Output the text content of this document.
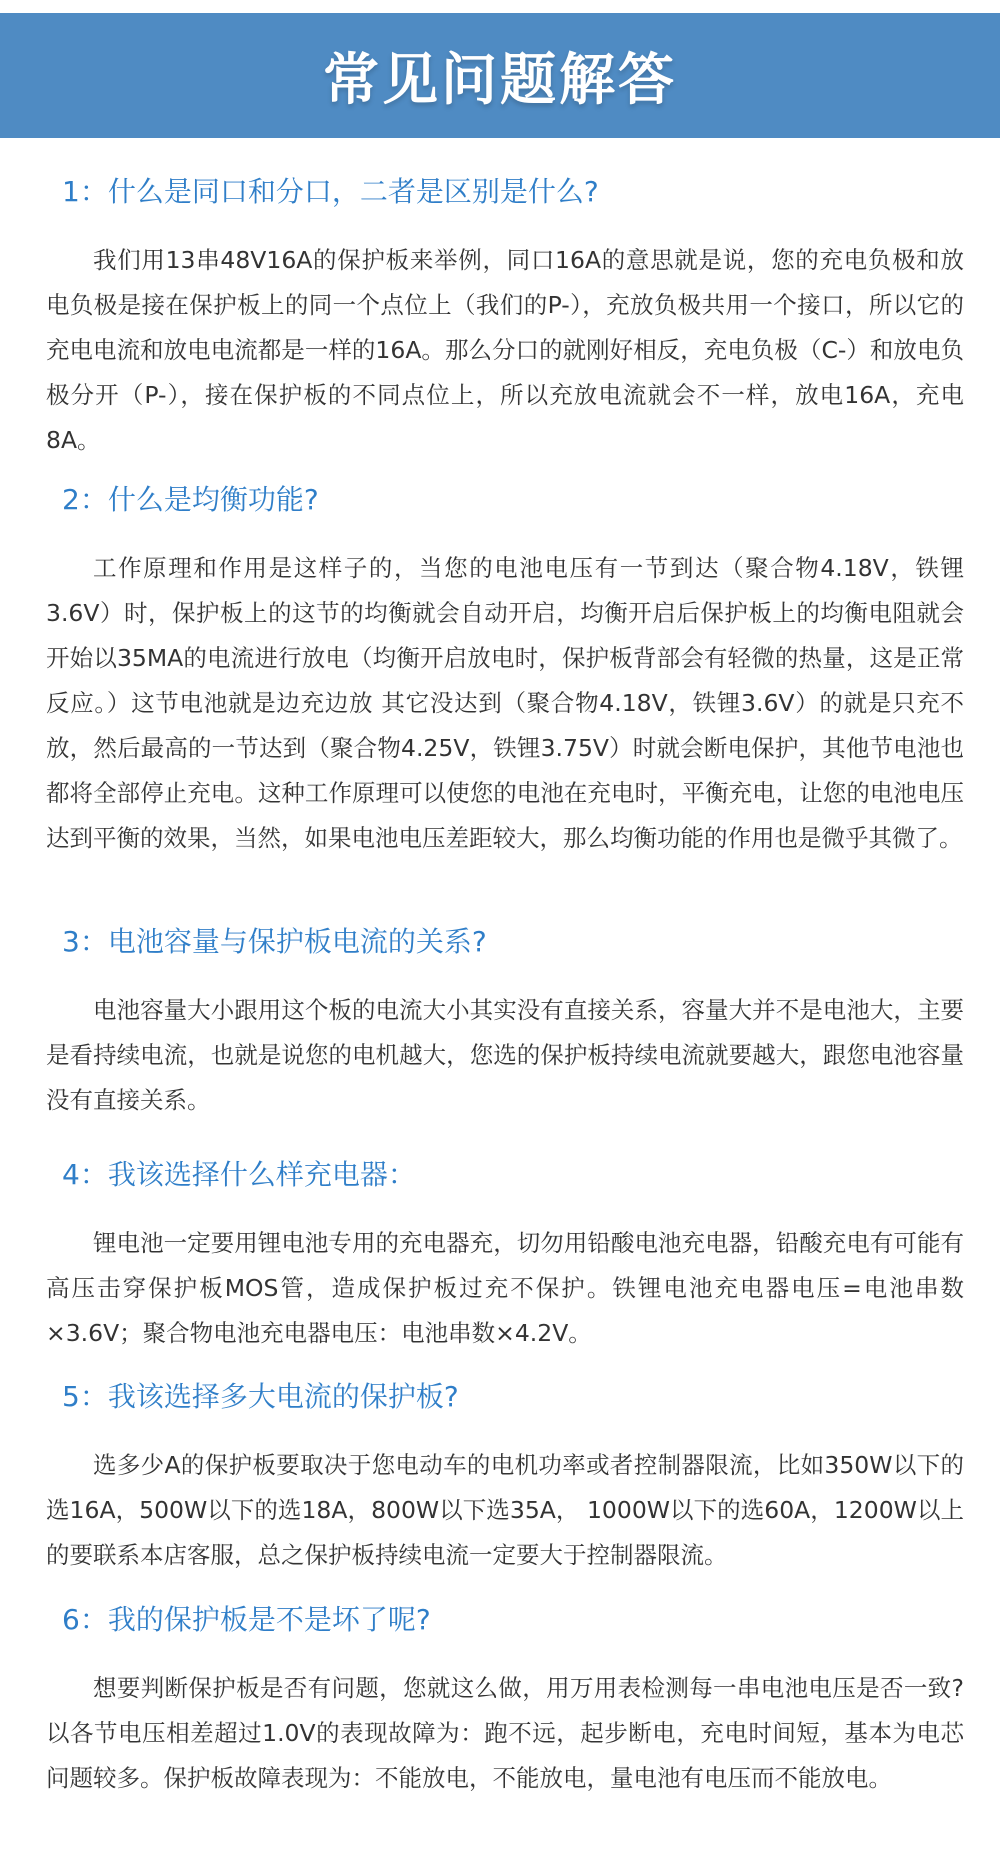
常见问题解答
1：什么是同口和分口，二者是区别是什么?

我们用13串48V16A的保护板来举例，同口16A的意思就是说，您的充电负极和放电负极是接在保护板上的同一个点位上（我们的P-），充放负极共用一个接口，所以它的充电电流和放电电流都是一样的16A。那么分口的就刚好相反，充电负极（C-）和放电负极分开（P-），接在保护板的不同点位上，所以充放电流就会不一样，放电16A，充电8A。

2：什么是均衡功能?

工作原理和作用是这样子的，当您的电池电压有一节到达（聚合物4.18V，铁锂3.6V）时，保护板上的这节的均衡就会自动开启，均衡开启后保护板上的均衡电阻就会开始以35MA的电流进行放电（均衡开启放电时，保护板背部会有轻微的热量，这是正常反应。）这节电池就是边充边放 其它没达到（聚合物4.18V，铁锂3.6V）的就是只充不放，然后最高的一节达到（聚合物4.25V，铁锂3.75V）时就会断电保护，其他节电池也都将全部停止充电。这种工作原理可以使您的电池在充电时，平衡充电，让您的电池电压达到平衡的效果，当然，如果电池电压差距较大，那么均衡功能的作用也是微乎其微了。

3：电池容量与保护板电流的关系?

电池容量大小跟用这个板的电流大小其实没有直接关系，容量大并不是电池大，主要是看持续电流，也就是说您的电机越大，您选的保护板持续电流就要越大，跟您电池容量没有直接关系。

4：我该选择什么样充电器：

锂电池一定要用锂电池专用的充电器充，切勿用铅酸电池充电器，铅酸充电有可能有高压击穿保护板MOS管，造成保护板过充不保护。铁锂电池充电器电压=电池串数×3.6V；聚合物电池充电器电压：电池串数×4.2V。

5：我该选择多大电流的保护板?

选多少A的保护板要取决于您电动车的电机功率或者控制器限流，比如350W以下的选16A，500W以下的选18A，800W以下选35A， 1000W以下的选60A，1200W以上的要联系本店客服，总之保护板持续电流一定要大于控制器限流。

6：我的保护板是不是坏了呢?

想要判断保护板是否有问题，您就这么做，用万用表检测每一串电池电压是否一致? 以各节电压相差超过1.0V的表现故障为：跑不远，起步断电，充电时间短，基本为电芯问题较多。保护板故障表现为：不能放电，不能放电，量电池有电压而不能放电。
